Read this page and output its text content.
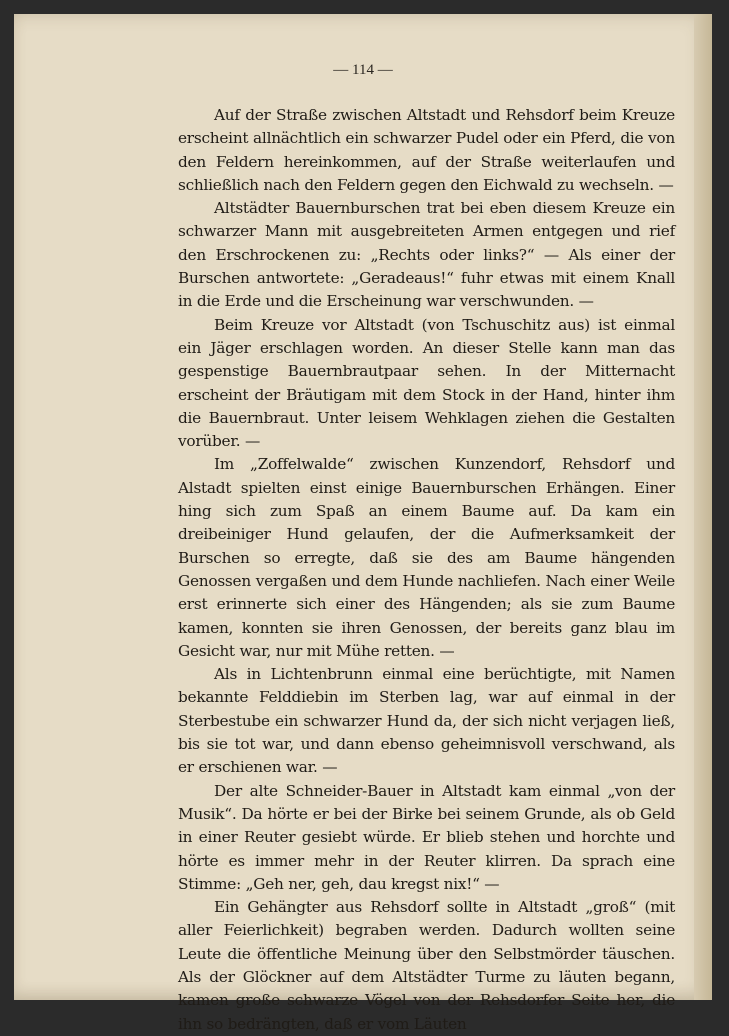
— 114 —

Auf der Straße zwischen Altstadt und Rehsdorf beim Kreuze erscheint allnächtlich ein schwarzer Pudel oder ein Pferd, die von den Feldern hereinkommen, auf der Straße weiterlaufen und schließlich nach den Feldern gegen den Eichwald zu wechseln. —

Altstädter Bauernburschen trat bei eben diesem Kreuze ein schwarzer Mann mit ausgebreiteten Armen entgegen und rief den Erschrockenen zu: „Rechts oder links?“ — Als einer der Burschen antwortete: „Geradeaus!“ fuhr etwas mit einem Knall in die Erde und die Erscheinung war verschwunden. —

Beim Kreuze vor Altstadt (von Tschuschitz aus) ist einmal ein Jäger erschlagen worden. An dieser Stelle kann man das gespenstige Bauernbrautpaar sehen. In der Mitternacht erscheint der Bräutigam mit dem Stock in der Hand, hinter ihm die Bauernbraut. Unter leisem Wehklagen ziehen die Gestalten vorüber. —

Im „Zoffelwalde“ zwischen Kunzendorf, Rehsdorf und Alstadt spielten einst einige Bauernburschen Erhängen. Einer hing sich zum Spaß an einem Baume auf. Da kam ein dreibeiniger Hund gelaufen, der die Aufmerksamkeit der Burschen so erregte, daß sie des am Baume hängenden Genossen vergaßen und dem Hunde nachliefen. Nach einer Weile erst erinnerte sich einer des Hängenden; als sie zum Baume kamen, konnten sie ihren Genossen, der bereits ganz blau im Gesicht war, nur mit Mühe retten. —

Als in Lichtenbrunn einmal eine berüchtigte, mit Namen bekannte Felddiebin im Sterben lag, war auf einmal in der Sterbestube ein schwarzer Hund da, der sich nicht verjagen ließ, bis sie tot war, und dann ebenso geheimnisvoll verschwand, als er erschienen war. —

Der alte Schneider-Bauer in Altstadt kam einmal „von der Musik“. Da hörte er bei der Birke bei seinem Grunde, als ob Geld in einer Reuter gesiebt würde. Er blieb stehen und horchte und hörte es immer mehr in der Reuter klirren. Da sprach eine Stimme: „Geh ner, geh, dau kregst nix!“ —

Ein Gehängter aus Rehsdorf sollte in Altstadt „groß“ (mit aller Feierlichkeit) begraben werden. Dadurch wollten seine Leute die öffentliche Meinung über den Selbstmörder täuschen. Als der Glöckner auf dem Altstädter Turme zu läuten begann, kamen große schwarze Vögel von der Rehsdorfer Seite her, die ihn so bedrängten, daß er vom Läuten
